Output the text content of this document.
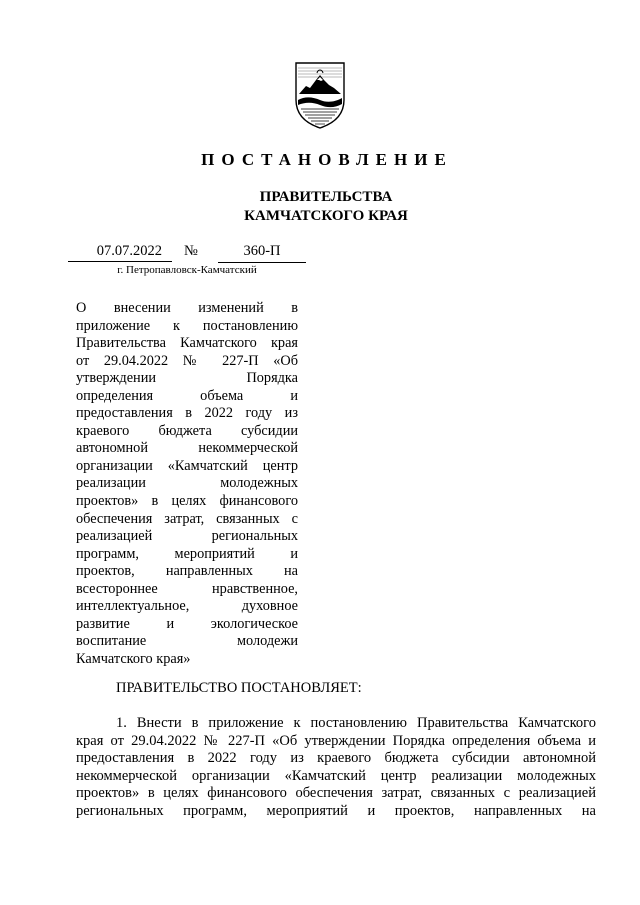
ПОСТАНОВЛЕНИЕ
ПРАВИТЕЛЬСТВА
КАМЧАТСКОГО КРАЯ
07.07.2022	№	360-П
г. Петропавловск-Камчатский
О внесении изменений в
приложение к постановлению
Правительства Камчатского края
от 29.04.2022 № 227-П «Об
утверждении Порядка
определения объема и
предоставления в 2022 году из
краевого бюджета субсидии
автономной некоммерческой
организации «Камчатский центр
реализации молодежных
проектов» в целях финансового
обеспечения затрат, связанных с
реализацией региональных
программ, мероприятий и
проектов, направленных на
всестороннее нравственное,
интеллектуальное, духовное
развитие и экологическое
воспитание молодежи
Камчатского края»
ПРАВИТЕЛЬСТВО ПОСТАНОВЛЯЕТ:
1. Внести в приложение к постановлению Правительства Камчатского
края от 29.04.2022 № 227-П «Об утверждении Порядка определения объема и
предоставления в 2022 году из краевого бюджета субсидии автономной
некоммерческой организации «Камчатский центр реализации молодежных
проектов» в целях финансового обеспечения затрат, связанных с реализацией
региональных программ, мероприятий и проектов, направленных на
